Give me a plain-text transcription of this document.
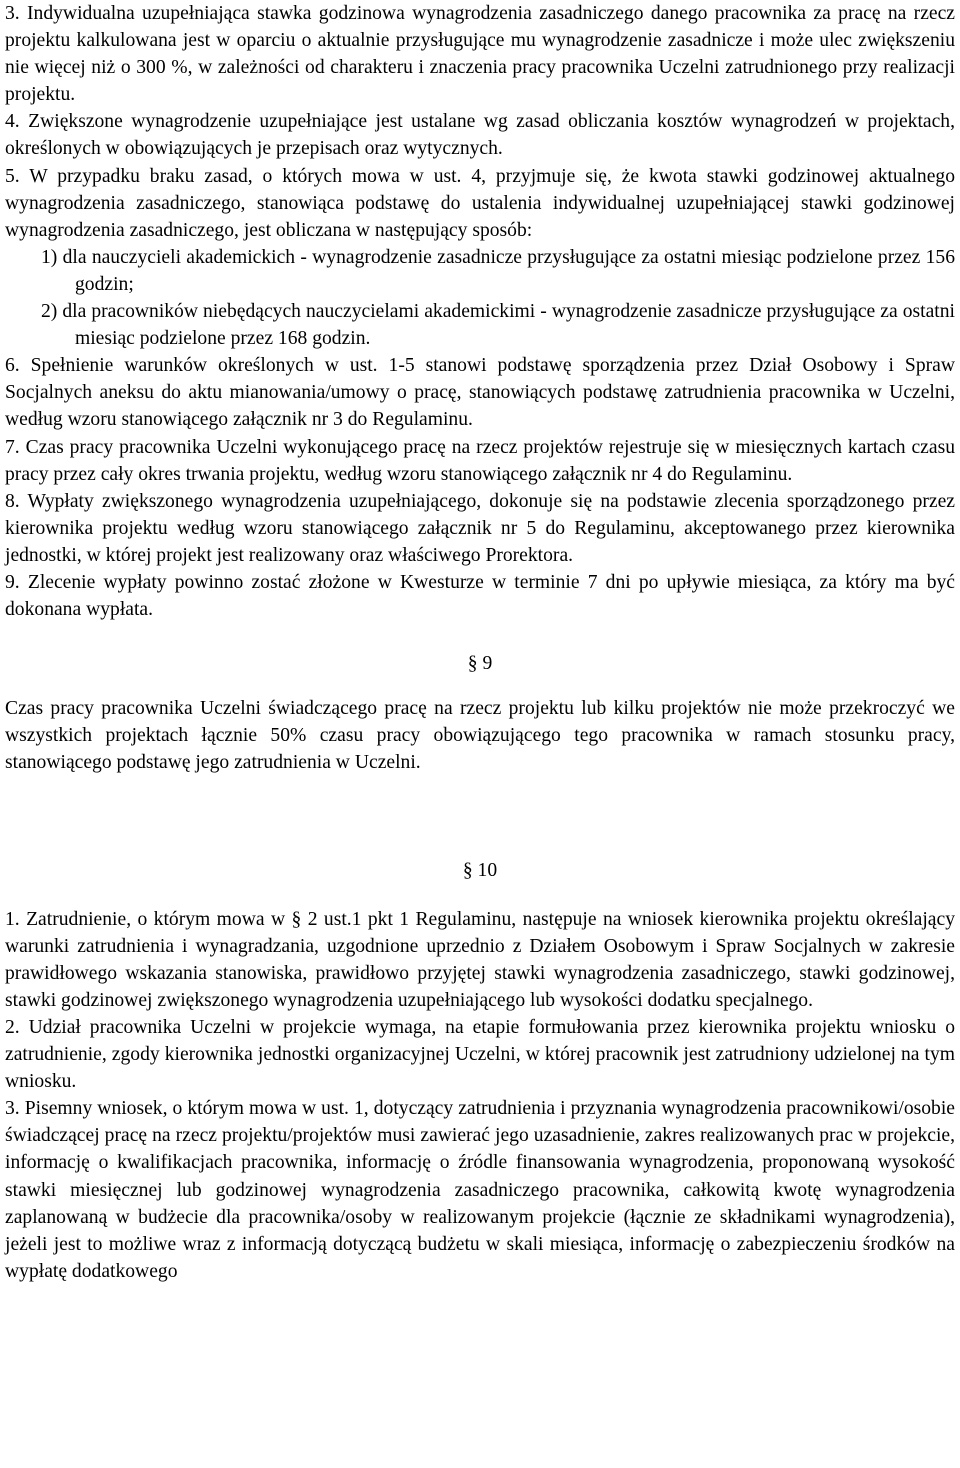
3. Indywidualna uzupełniająca stawka godzinowa wynagrodzenia zasadniczego danego pracownika za pracę na rzecz projektu kalkulowana jest w oparciu o aktualnie przysługujące mu wynagrodzenie zasadnicze i może ulec zwiększeniu nie więcej niż o 300 %, w zależności od charakteru i znaczenia pracy pracownika Uczelni zatrudnionego przy realizacji projektu.

4. Zwiększone wynagrodzenie uzupełniające jest ustalane wg zasad obliczania kosztów wynagrodzeń w projektach, określonych w obowiązujących je przepisach oraz wytycznych.

5. W przypadku braku zasad, o których mowa w ust. 4, przyjmuje się, że kwota stawki godzinowej aktualnego wynagrodzenia zasadniczego, stanowiąca podstawę do ustalenia indywidualnej uzupełniającej stawki godzinowej wynagrodzenia zasadniczego, jest obliczana w następujący sposób:

1) dla nauczycieli akademickich - wynagrodzenie zasadnicze przysługujące za ostatni miesiąc podzielone przez 156 godzin;

2) dla pracowników niebędących nauczycielami akademickimi - wynagrodzenie zasadnicze przysługujące za ostatni miesiąc podzielone przez 168 godzin.

6. Spełnienie warunków określonych w ust. 1-5 stanowi podstawę sporządzenia przez Dział Osobowy i Spraw Socjalnych aneksu do aktu mianowania/umowy o pracę, stanowiących podstawę zatrudnienia pracownika w Uczelni, według wzoru stanowiącego załącznik nr 3 do Regulaminu.

7. Czas pracy pracownika Uczelni wykonującego pracę na rzecz projektów rejestruje się w miesięcznych kartach czasu pracy przez cały okres trwania projektu, według wzoru stanowiącego załącznik nr 4 do Regulaminu.

8. Wypłaty zwiększonego wynagrodzenia uzupełniającego, dokonuje się na podstawie zlecenia sporządzonego przez kierownika projektu według wzoru stanowiącego załącznik nr 5 do Regulaminu, akceptowanego przez kierownika jednostki, w której projekt jest realizowany oraz właściwego Prorektora.

9. Zlecenie wypłaty powinno zostać złożone w Kwesturze w terminie 7 dni po upływie miesiąca, za który ma być dokonana wypłata.

§ 9

Czas pracy pracownika Uczelni świadczącego pracę na rzecz projektu lub kilku projektów nie może przekroczyć we wszystkich projektach łącznie 50% czasu pracy obowiązującego tego pracownika w ramach stosunku pracy, stanowiącego podstawę jego zatrudnienia w Uczelni.

§ 10

1. Zatrudnienie, o którym mowa w § 2 ust.1 pkt 1 Regulaminu, następuje na wniosek kierownika projektu określający warunki zatrudnienia i wynagradzania, uzgodnione uprzednio z Działem Osobowym i Spraw Socjalnych w zakresie prawidłowego wskazania stanowiska, prawidłowo przyjętej stawki wynagrodzenia zasadniczego, stawki godzinowej, stawki godzinowej zwiększonego wynagrodzenia uzupełniającego lub wysokości dodatku specjalnego.

2. Udział pracownika Uczelni w projekcie wymaga, na etapie formułowania przez kierownika projektu wniosku o zatrudnienie, zgody kierownika jednostki organizacyjnej Uczelni, w której pracownik jest zatrudniony udzielonej na tym wniosku.

3. Pisemny wniosek, o którym mowa w ust. 1, dotyczący zatrudnienia i przyznania wynagrodzenia pracownikowi/osobie świadczącej pracę na rzecz projektu/projektów musi zawierać jego uzasadnienie, zakres realizowanych prac w projekcie, informację o kwalifikacjach pracownika, informację o źródle finansowania wynagrodzenia, proponowaną wysokość stawki miesięcznej lub godzinowej wynagrodzenia zasadniczego pracownika, całkowitą kwotę wynagrodzenia zaplanowaną w budżecie dla pracownika/osoby w realizowanym projekcie (łącznie ze składnikami wynagrodzenia), jeżeli jest to możliwe wraz z informacją dotyczącą budżetu w skali miesiąca, informację o zabezpieczeniu środków na wypłatę dodatkowego
